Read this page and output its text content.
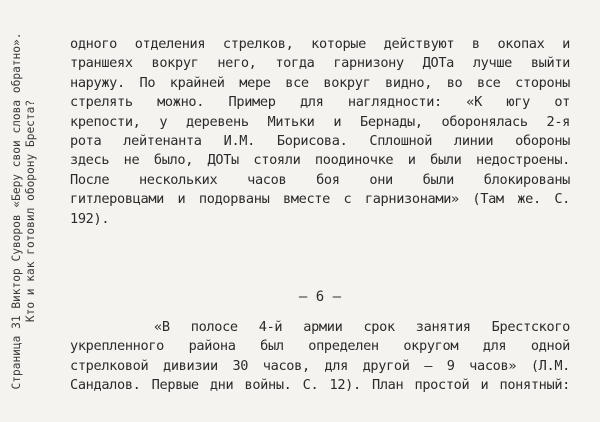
Страница 31 Виктор Суворов «Беру свои слова обратно». Кто и как готовил оборону Бреста?
одного отделения стрелков, которые действуют в окопах и
траншеях вокруг него, тогда гарнизону ДОТа лучше выйти
наружу. По крайней мере все вокруг видно, во все стороны
стрелять можно. Пример для наглядности: «К югу от
крепости, у деревень Митьки и Бернады, оборонялась 2-я
рота лейтенанта И.М. Борисова. Сплошной линии обороны
здесь не было, ДОТы стояли поодиночке и были недостроены.
После нескольких часов боя они были блокированы
гитлеровцами и подорваны вместе с гарнизонами» (Там же. С.
192).
– 6 –
«В полосе 4-й армии срок занятия Брестского
укрепленного района был определен округом для одной
стрелковой дивизии 30 часов, для другой – 9 часов» (Л.М.
Сандалов. Первые дни войны. С. 12). План простой и понятный:
